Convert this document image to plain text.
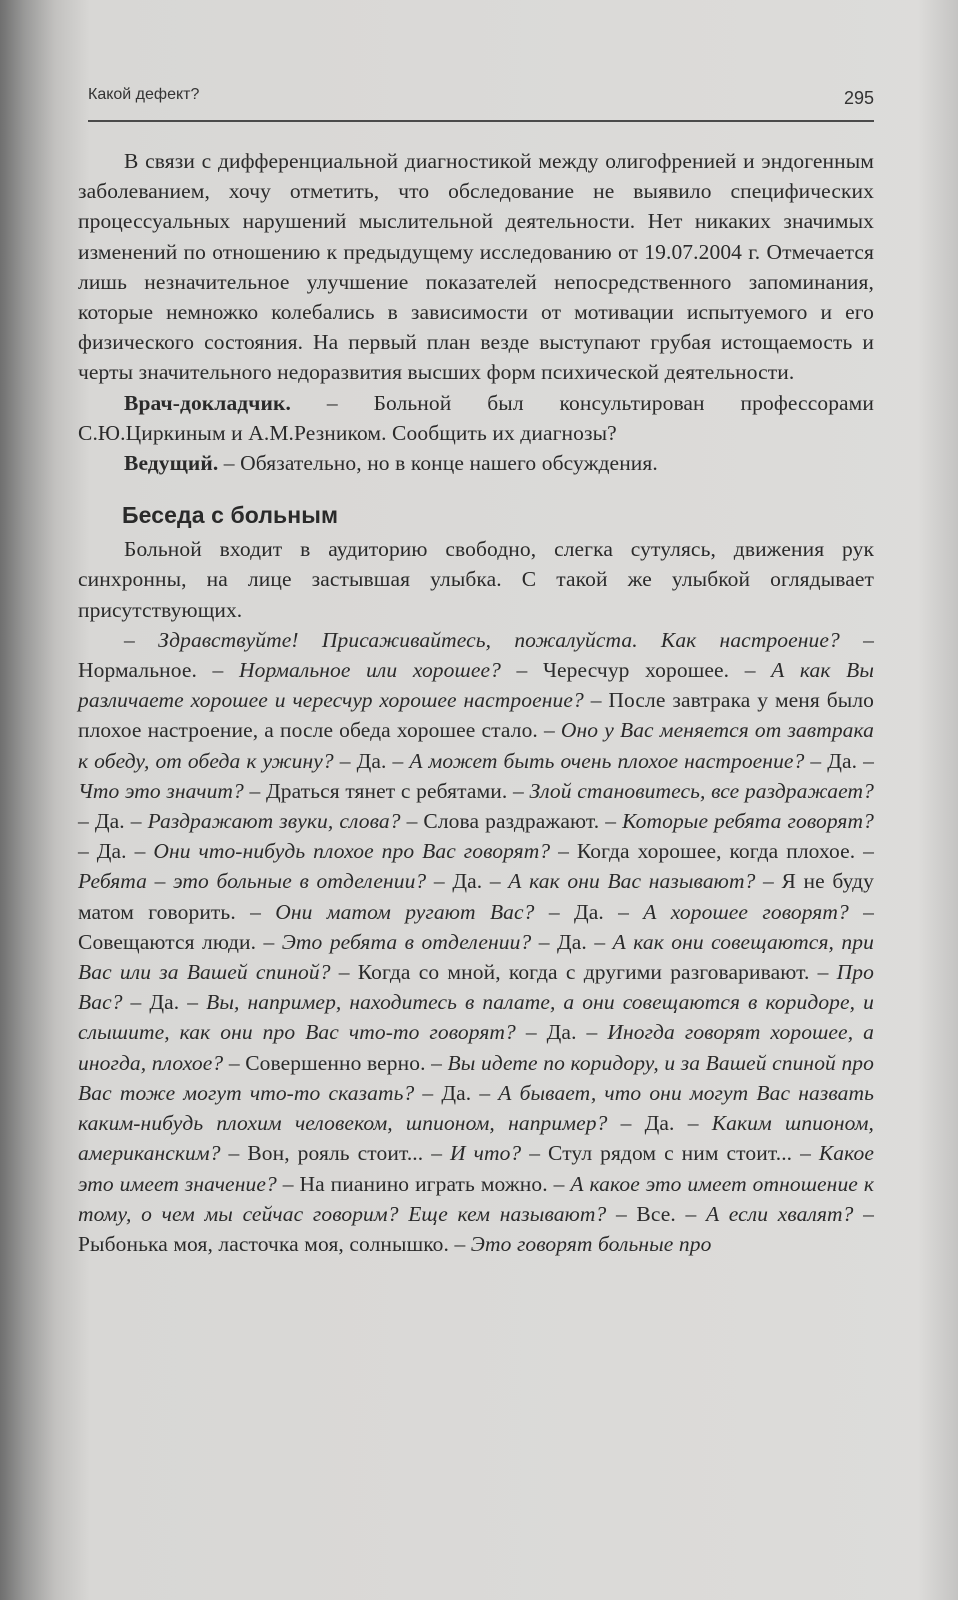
Какой дефект?	295

В связи с дифференциальной диагностикой между олигофренией и эндогенным заболеванием, хочу отметить, что обследование не выявило специфических процессуальных нарушений мыслительной деятельности. Нет никаких значимых изменений по отношению к предыдущему исследованию от 19.07.2004 г. Отмечается лишь незначительное улучшение показателей непосредственного запоминания, которые немножко колебались в зависимости от мотивации испытуемого и его физического состояния. На первый план везде выступают грубая истощаемость и черты значительного недоразвития высших форм психической деятельности.

Врач-докладчик. – Больной был консультирован профессорами С.Ю.Циркиным и А.М.Резником. Сообщить их диагнозы?

Ведущий. – Обязательно, но в конце нашего обсуждения.

Беседа с больным

Больной входит в аудиторию свободно, слегка сутулясь, движения рук синхронны, на лице застывшая улыбка. С такой же улыбкой оглядывает присутствующих.

– Здравствуйте! Присаживайтесь, пожалуйста. Как настроение? – Нормальное. – Нормальное или хорошее? – Чересчур хорошее. – А как Вы различаете хорошее и чересчур хорошее настроение? – После завтрака у меня было плохое настроение, а после обеда хорошее стало. – Оно у Вас меняется от завтрака к обеду, от обеда к ужину? – Да. – А может быть очень плохое настроение? – Да. – Что это значит? – Драться тянет с ребятами. – Злой становитесь, все раздражает? – Да. – Раздражают звуки, слова? – Слова раздражают. – Которые ребята говорят? – Да. – Они что-нибудь плохое про Вас говорят? – Когда хорошее, когда плохое. – Ребята – это больные в отделении? – Да. – А как они Вас называют? – Я не буду матом говорить. – Они матом ругают Вас? – Да. – А хорошее говорят? – Совещаются люди. – Это ребята в отделении? – Да. – А как они совещаются, при Вас или за Вашей спиной? – Когда со мной, когда с другими разговаривают. – Про Вас? – Да. – Вы, например, находитесь в палате, а они совещаются в коридоре, и слышите, как они про Вас что-то говорят? – Да. – Иногда говорят хорошее, а иногда, плохое? – Совершенно верно. – Вы идете по коридору, и за Вашей спиной про Вас тоже могут что-то сказать? – Да. – А бывает, что они могут Вас назвать каким-нибудь плохим человеком, шпионом, например? – Да. – Каким шпионом, американским? – Вон, рояль стоит... – И что? – Стул рядом с ним стоит... – Какое это имеет значение? – На пианино играть можно. – А какое это имеет отношение к тому, о чем мы сейчас говорим? Еще кем называют? – Все. – А если хвалят? – Рыбонька моя, ласточка моя, солнышко. – Это говорят больные про
